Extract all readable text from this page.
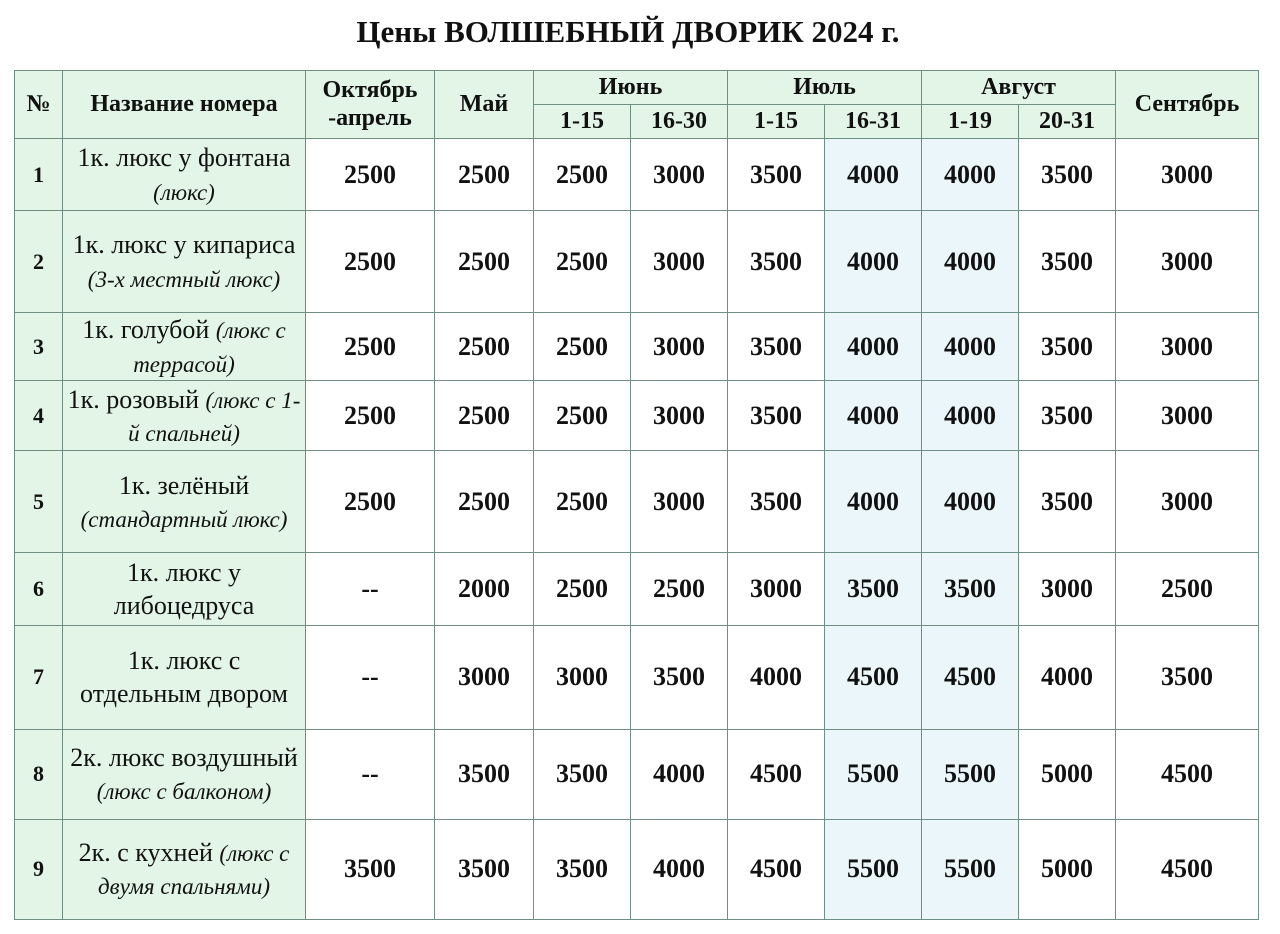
Цены ВОЛШЕБНЫЙ ДВОРИК 2024 г.
№	Название номера	Октябрь -апрель	Май	Июнь		Июль		Август		Сентябрь
				1-15	16-30	1-15	16-31	1-19	20-31	
1	1к. люкс у фонтана (люкс)	2500	2500	2500	3000	3500	4000	4000	3500	3000
2	1к. люкс у кипариса (3-х местный люкс)	2500	2500	2500	3000	3500	4000	4000	3500	3000
3	1к. голубой (люкс с террасой)	2500	2500	2500	3000	3500	4000	4000	3500	3000
4	1к. розовый (люкс с 1-й спальней)	2500	2500	2500	3000	3500	4000	4000	3500	3000
5	1к. зелёный (стандартный люкс)	2500	2500	2500	3000	3500	4000	4000	3500	3000
6	1к. люкс у либоцедруса	--	2000	2500	2500	3000	3500	3500	3000	2500
7	1к. люкс с отдельным двором	--	3000	3000	3500	4000	4500	4500	4000	3500
8	2к. люкс воздушный (люкс с балконом)	--	3500	3500	4000	4500	5500	5500	5000	4500
9	2к. с кухней (люкс с двумя спальнями)	3500	3500	3500	4000	4500	5500	5500	5000	4500
